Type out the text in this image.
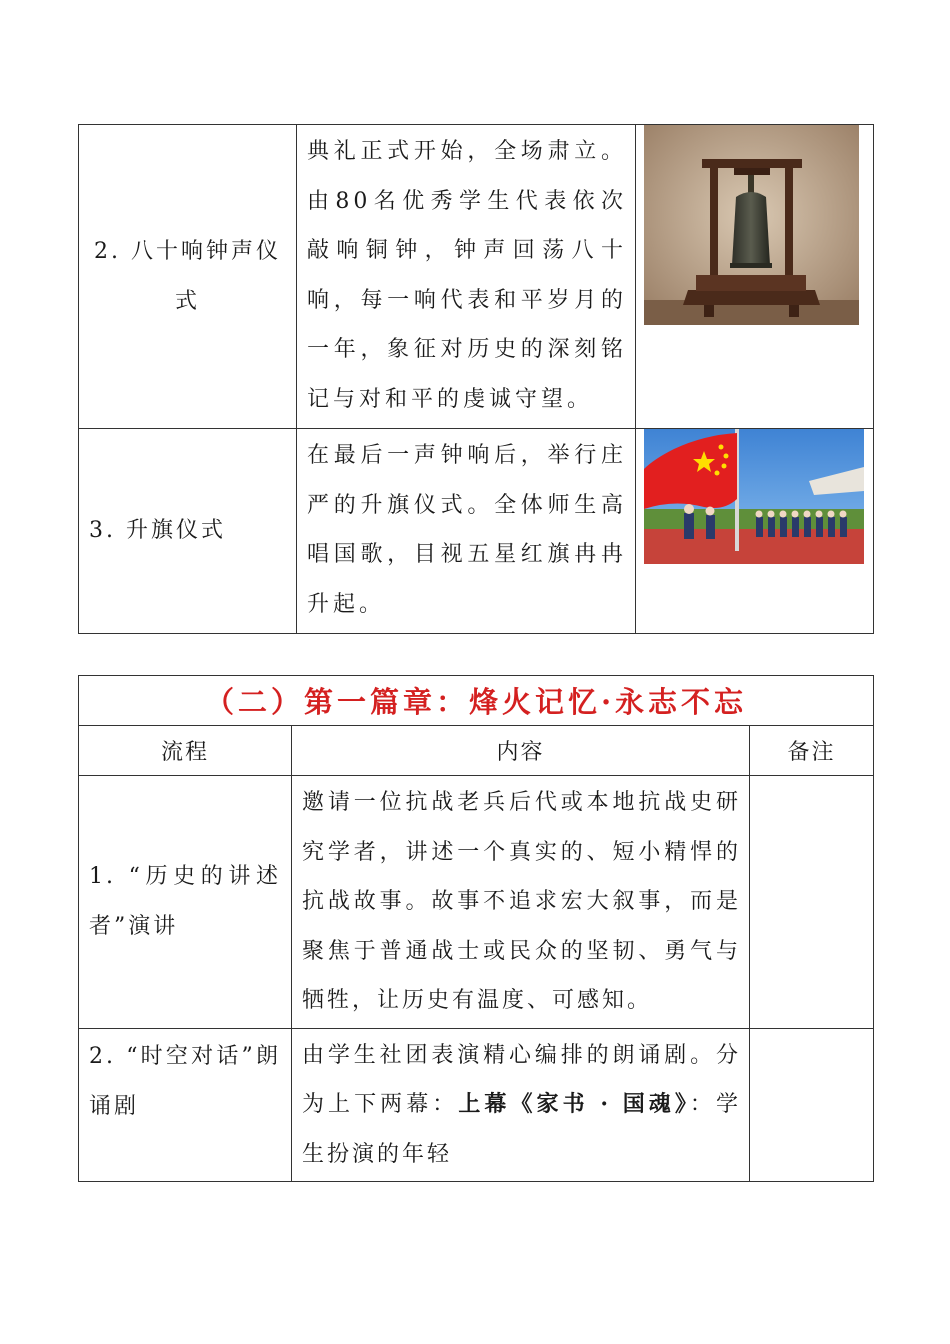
2. 八十响钟声仪式	典礼正式开始，全场肃立。由80名优秀学生代表依次敲响铜钟，钟声回荡八十响，每一响代表和平岁月的一年，象征对历史的深刻铭记与对和平的虔诚守望。	

3. 升旗仪式	在最后一声钟响后，举行庄严的升旗仪式。全体师生高唱国歌，目视五星红旗冉冉升起。	
（二）第一篇章：烽火记忆·永志不忘		
流程	内容	备注
1. “历史的讲述者”演讲	邀请一位抗战老兵后代或本地抗战史研究学者，讲述一个真实的、短小精悍的抗战故事。故事不追求宏大叙事，而是聚焦于普通战士或民众的坚韧、勇气与牺牲，让历史有温度、可感知。	
2. “时空对话”朗诵剧	由学生社团表演精心编排的朗诵剧。分为上下两幕：上幕《家书 · 国魂》：学生扮演的年轻	
